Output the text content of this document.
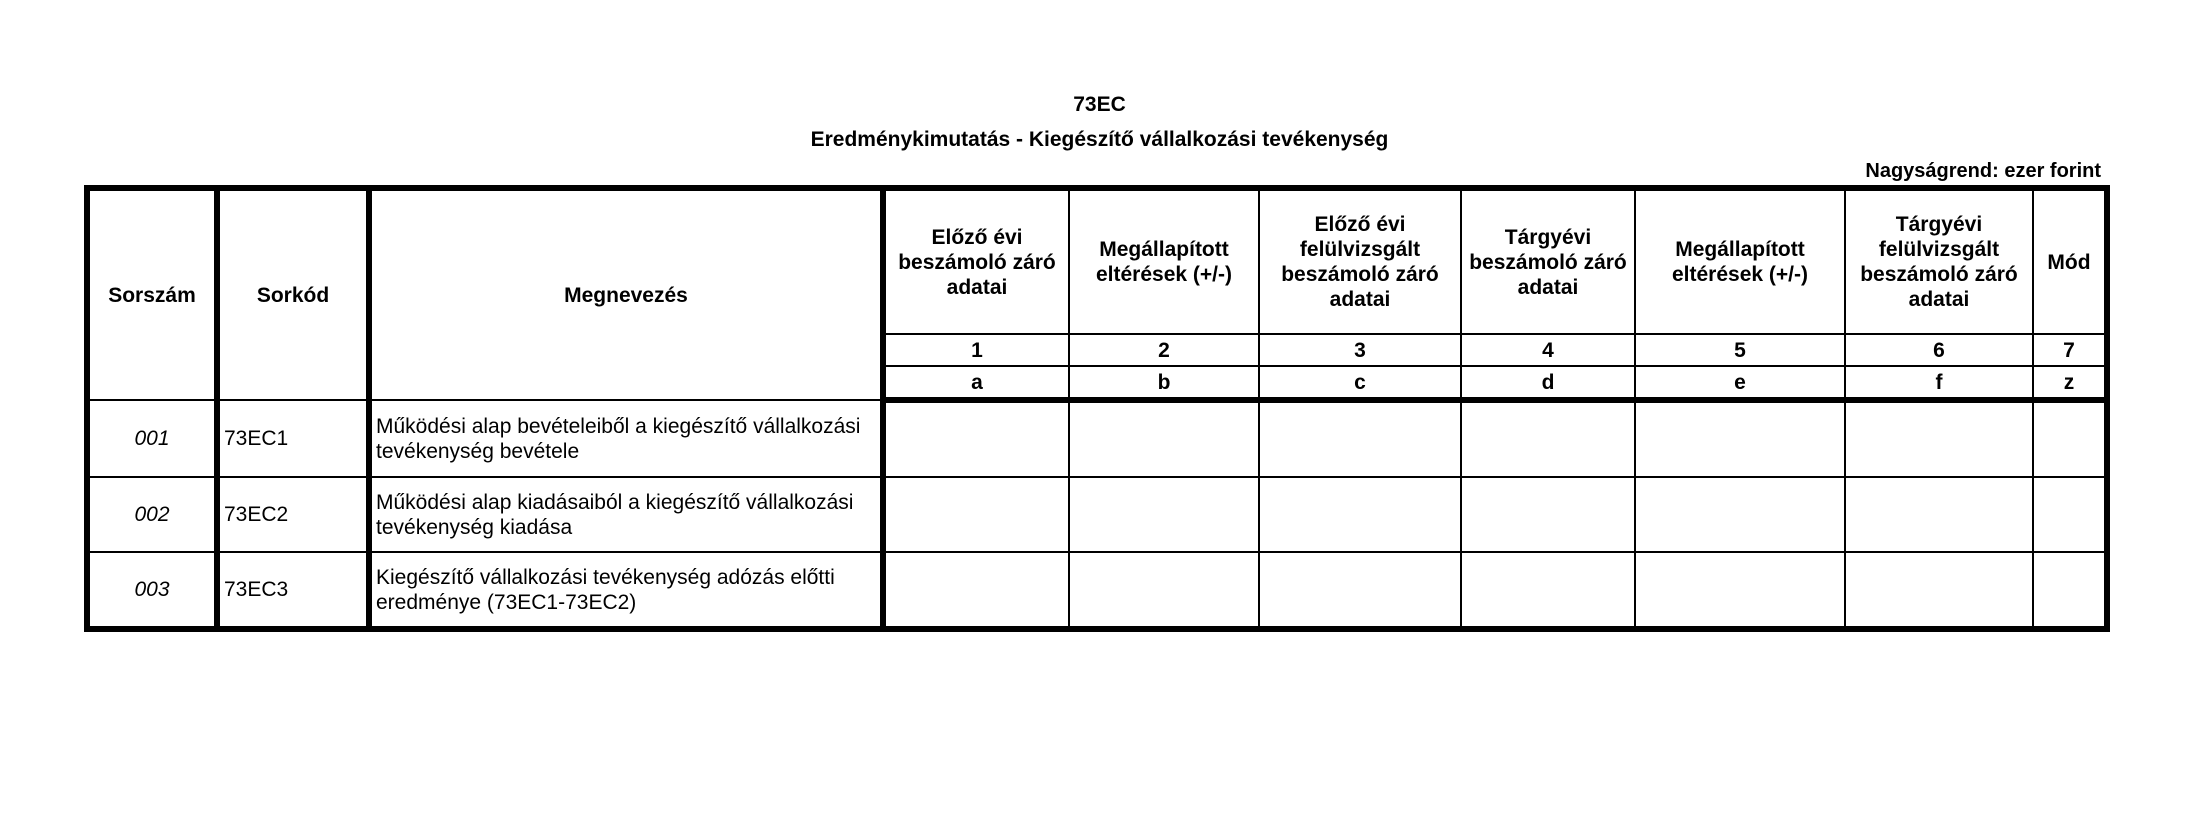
73EC
Eredménykimutatás - Kiegészítő vállalkozási tevékenység
Nagyságrend: ezer forint
Sorszám	Sorkód	Megnevezés	Előző évi beszámoló záró adatai	Megállapított eltérések (+/-)	Előző évi felülvizsgált beszámoló záró adatai	Tárgyévi beszámoló záró adatai	Megállapított eltérések (+/-)	Tárgyévi felülvizsgált beszámoló záró adatai	Mód
			1	2	3	4	5	6	7
			a	b	c	d	e	f	z
001	73EC1	Működési alap bevételeiből a kiegészítő vállalkozási tevékenység bevétele							
002	73EC2	Működési alap kiadásaiból a kiegészítő vállalkozási tevékenység kiadása							
003	73EC3	Kiegészítő vállalkozási tevékenység adózás előtti eredménye (73EC1-73EC2)							
